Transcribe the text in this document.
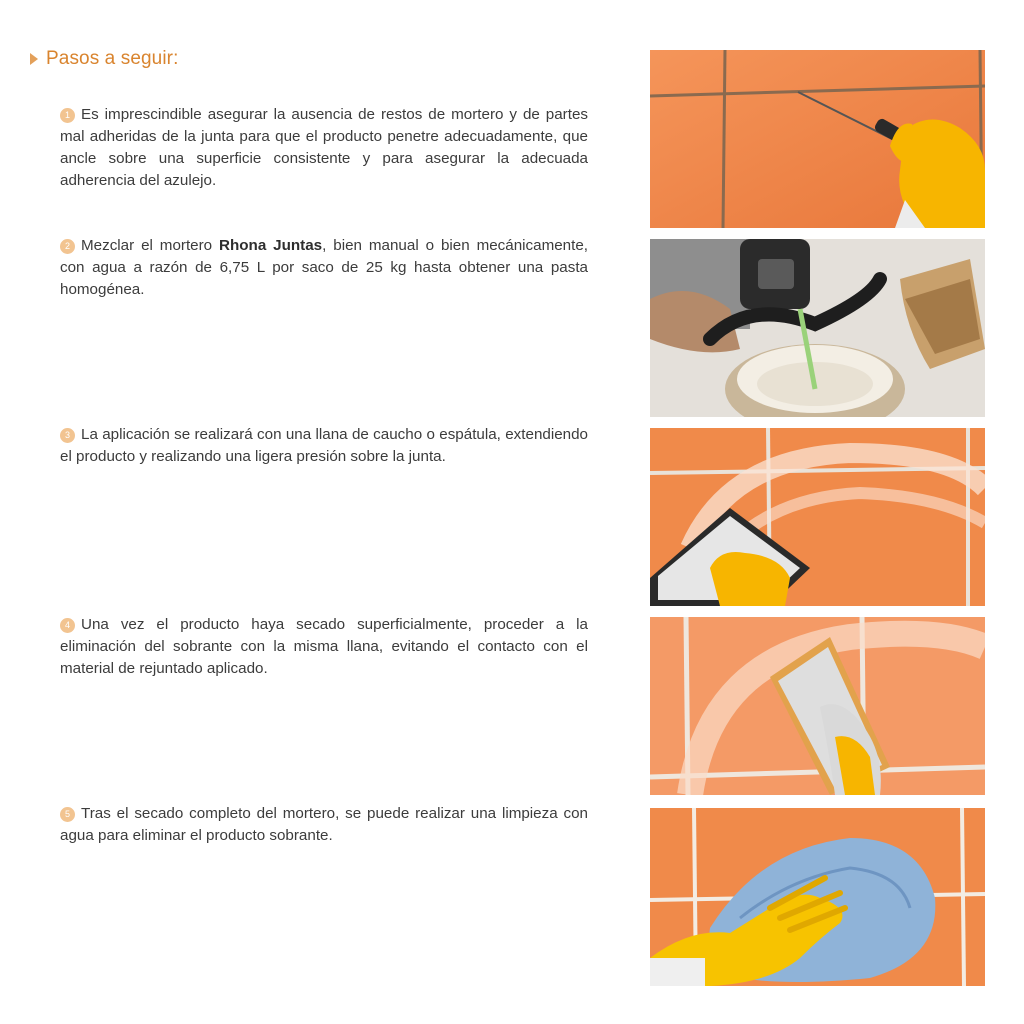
Pasos a seguir:
1 Es imprescindible asegurar la ausencia de restos de mortero y de partes mal adheridas de la junta para que el producto penetre adecuadamente, que ancle sobre una superficie consistente y para asegurar la adecuada adherencia del azulejo.
2 Mezclar el mortero Rhona Juntas, bien manual o bien mecánicamente, con agua a razón de 6,75 L por saco de 25 kg hasta obtener una pasta homogénea.
3 La aplicación se realizará con una llana de caucho o espátula, extendiendo el producto y realizando una ligera presión sobre la junta.
4 Una vez el producto haya secado superficialmente, proceder a la eliminación del sobrante con la misma llana, evitando el contacto con el material de rejuntado aplicado.
5 Tras el secado completo del mortero, se puede realizar una limpieza con agua para eliminar el producto sobrante.
